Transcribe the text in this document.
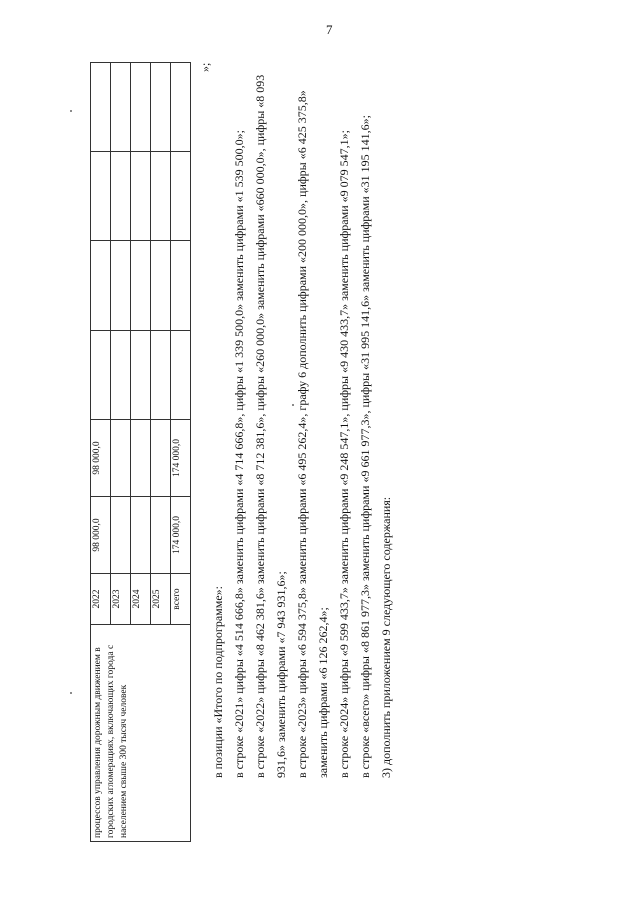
7
процессов управления дорожным движением в городских агломерациях, включающих города с населением свыше 300 тысяч человек	2022	98 000,0	98 000,0				
	2023						
	2024						
	2025						
	всего	174 000,0	174 000,0				
»;

в позиции «Итого по подпрограмме»: в строке «2021» цифры «4 514 666,8» заменить цифрами «4 714 666,8», цифры «1 339 500,0» заменить цифрами «1 539 500,0»; в строке «2022» цифры «8 462 381,6» заменить цифрами «8 712 381,6», цифры «260 000,0» заменить цифрами «660 000,0», цифры «8 093 931,6» заменить цифрами «7 943 931,6»; в строке «2023» цифры «6 594 375,8» заменить цифрами «6 495 262,4», графу 6 дополнить цифрами «200 000,0», цифры «6 425 375,8» заменить цифрами «6 126 262,4»; в строке «2024» цифры «9 599 433,7» заменить цифрами «9 248 547,1», цифры «9 430 433,7» заменить цифрами «9 079 547,1»; в строке «всего» цифры «8 861 977,3» заменить цифрами «9 661 977,3», цифры «31 995 141,6» заменить цифрами «31 195 141,6»; 3) дополнить приложением 9 следующего содержания:
